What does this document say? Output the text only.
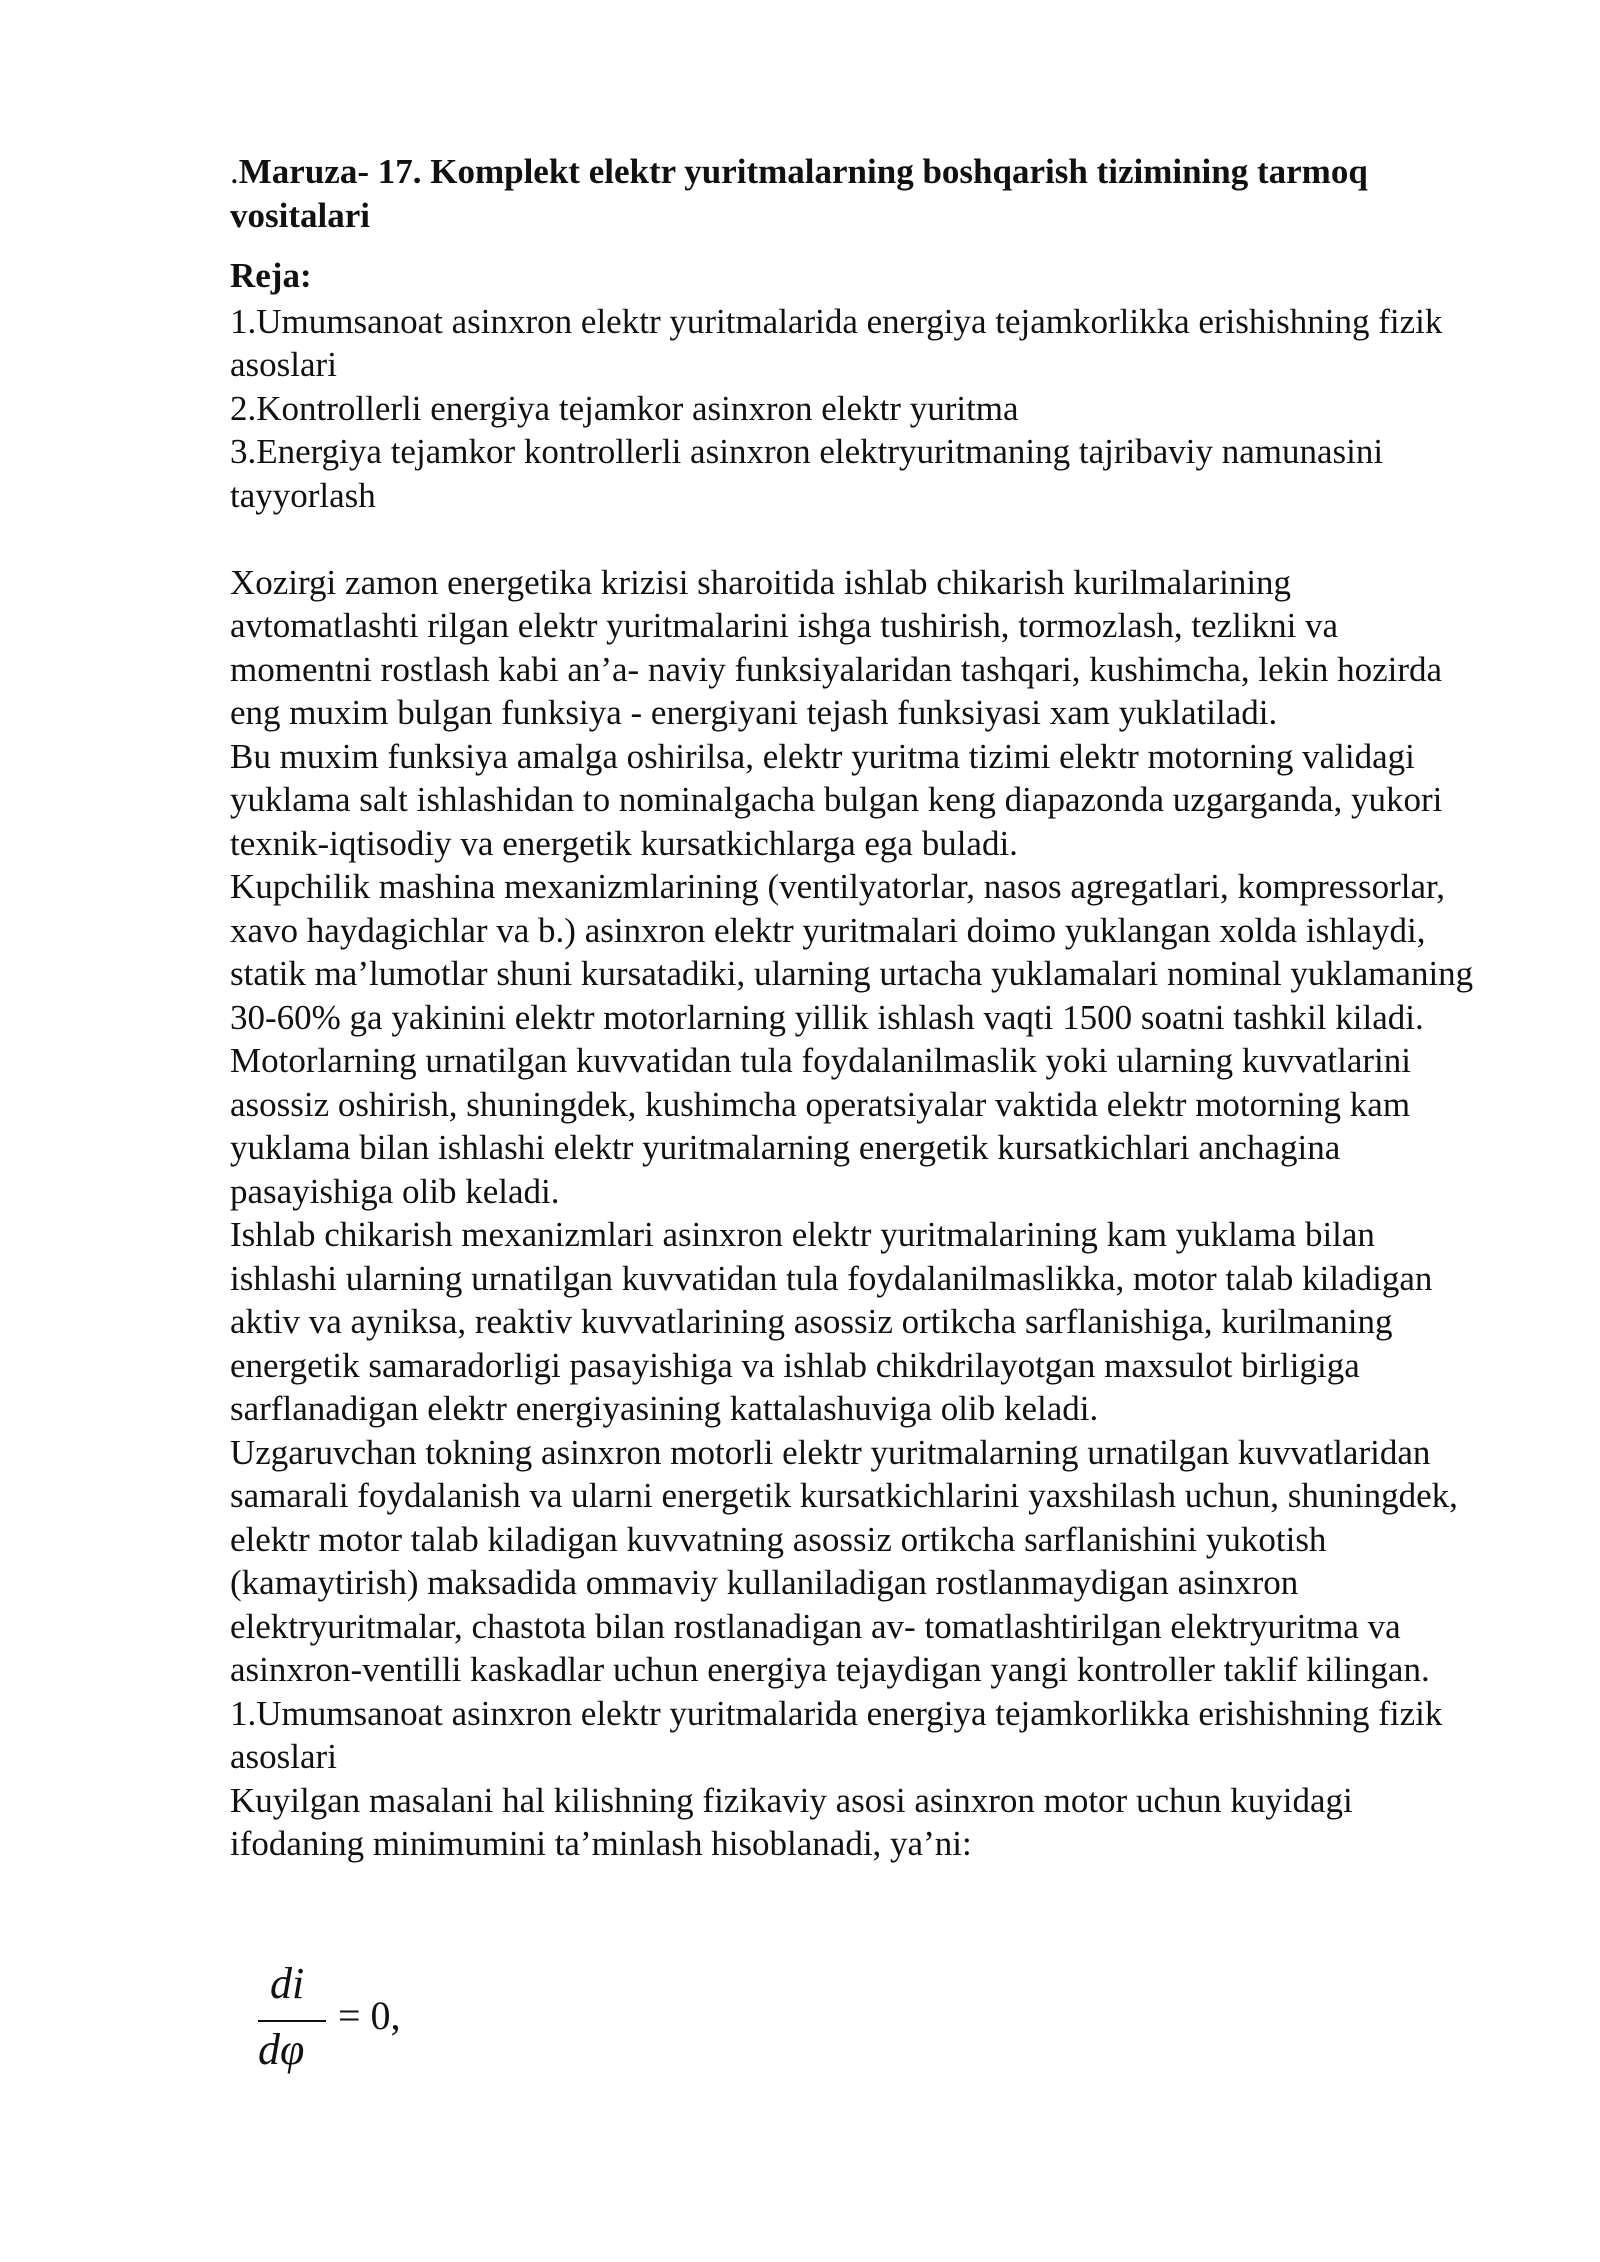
.Maruza- 17. Komplekt elektr yuritmalarning boshqarish tizimining tarmoq vositalari

Reja:

1.Umumsanoat asinxron elektr yuritmalarida energiya tejamkorlikka erishishning fizik asoslari
2.Kontrollerli energiya tejamkor asinxron elektr yuritma
3.Energiya tejamkor kontrollerli asinxron elektryuritmaning tajribaviy namunasini tayyorlash

Xozirgi zamon energetika krizisi sharoitida ishlab chikarish kurilmalarining avtomatlashti rilgan elektr yuritmalarini ishga tushirish, tormozlash, tezlikni va momentni rostlash kabi an’a- naviy funksiyalaridan tashqari, kushimcha, lekin hozirda eng muxim bulgan funksiya - energiyani tejash funksiyasi xam yuklatiladi.

Bu muxim funksiya amalga oshirilsa, elektr yuritma tizimi elektr motorning validagi yuklama salt ishlashidan to nominalgacha bulgan keng diapazonda uzgarganda, yukori texnik-iqtisodiy va energetik kursatkichlarga ega buladi.

Kupchilik mashina mexanizmlarining (ventilyatorlar, nasos agregatlari, kompressorlar, xavo haydagichlar va b.) asinxron elektr yuritmalari doimo yuklangan xolda ishlaydi, statik ma’lumotlar shuni kursatadiki, ularning urtacha yuklamalari nominal yuklamaning 30-60% ga yakinini elektr motorlarning yillik ishlash vaqti 1500 soatni tashkil kiladi.

Motorlarning urnatilgan kuvvatidan tula foydalanilmaslik yoki ularning kuvvatlarini asossiz oshirish, shuningdek, kushimcha operatsiyalar vaktida elektr motorning kam yuklama bilan ishlashi elektr yuritmalarning energetik kursatkichlari anchagina pasayishiga olib keladi.

Ishlab chikarish mexanizmlari asinxron elektr yuritmalarining kam yuklama bilan ishlashi ularning urnatilgan kuvvatidan tula foydalanilmaslikka, motor talab kiladigan aktiv va ayniksa, reaktiv kuvvatlarining asossiz ortikcha sarflanishiga, kurilmaning energetik samaradorligi pasayishiga va ishlab chikdrilayotgan maxsulot birligiga sarflanadigan elektr energiyasining kattalashuviga olib keladi.

Uzgaruvchan tokning asinxron motorli elektr yuritmalarning urnatilgan kuvvatlaridan samarali foydalanish va ularni energetik kursatkichlarini yaxshilash uchun, shuningdek, elektr motor talab kiladigan kuvvatning asossiz ortikcha sarflanishini yukotish (kamaytirish) maksadida ommaviy kullaniladigan rostlanmaydigan asinxron elektryuritmalar, chastota bilan rostlanadigan av- tomatlashtirilgan elektryuritma va asinxron-ventilli kaskadlar uchun energiya tejaydigan yangi kontroller taklif kilingan.

1.Umumsanoat asinxron elektr yuritmalarida energiya tejamkorlikka erishishning fizik asoslari

Kuyilgan masalani hal kilishning fizikaviy asosi asinxron motor uchun kuyidagi ifodaning minimumini ta’minlash hisoblanadi, ya’ni:

di
dφ
= 0,
